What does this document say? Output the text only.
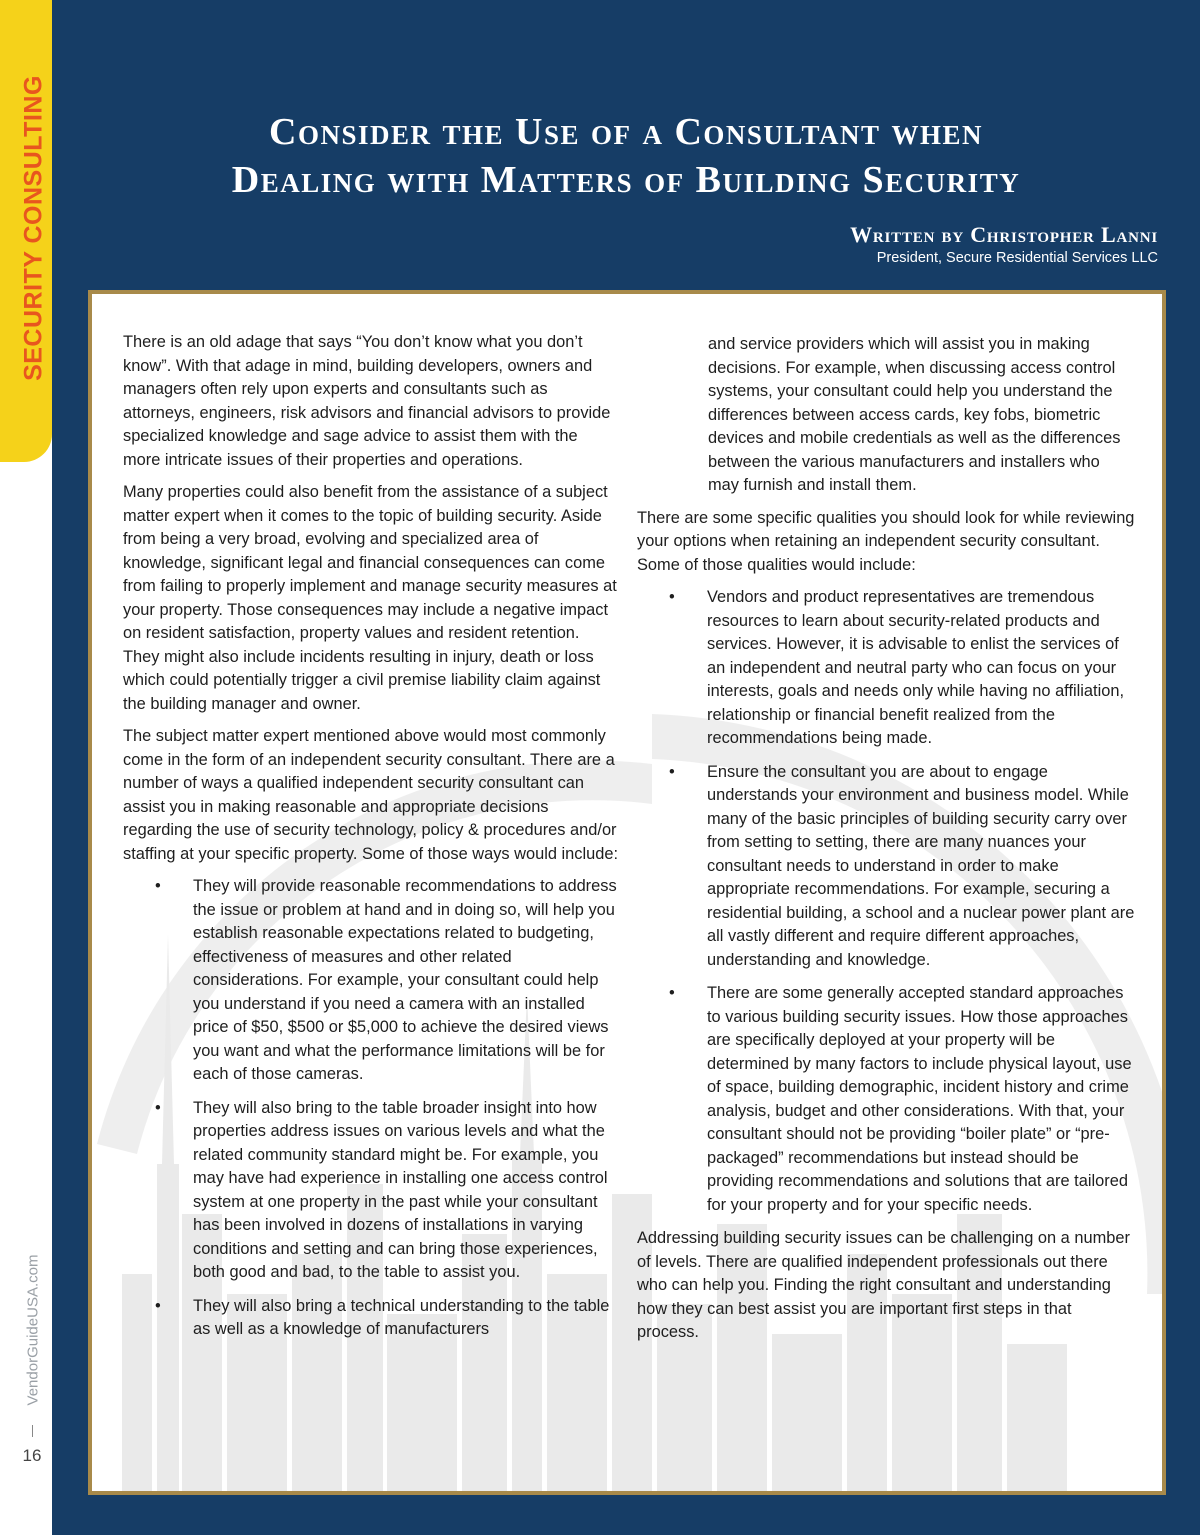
SECURITY CONSULTING
VendorGuideUSA.com
16
Consider the Use of a Consultant when
Dealing with Matters of Building Security
Written by Christopher Lanni
President, Secure Residential Services LLC

There is an old adage that says “You don’t know what you don’t know”. With that adage in mind, building developers, owners and managers often rely upon experts and consultants such as attorneys, engineers, risk advisors and financial advisors to provide specialized knowledge and sage advice to assist them with the more intricate issues of their properties and operations.

Many properties could also benefit from the assistance of a subject matter expert when it comes to the topic of building security. Aside from being a very broad, evolving and specialized area of knowledge, significant legal and financial consequences can come from failing to properly implement and manage security measures at your property. Those consequences may include a negative impact on resident satisfaction, property values and resident retention. They might also include incidents resulting in injury, death or loss which could potentially trigger a civil premise liability claim against the building manager and owner.

The subject matter expert mentioned above would most commonly come in the form of an independent security consultant. There are a number of ways a qualified independent security consultant can assist you in making reasonable and appropriate decisions regarding the use of security technology, policy & procedures and/or staffing at your specific property. Some of those ways would include:

• They will provide reasonable recommendations to address the issue or problem at hand and in doing so, will help you establish reasonable expectations related to budgeting, effectiveness of measures and other related considerations. For example, your consultant could help you understand if you need a camera with an installed price of $50, $500 or $5,000 to achieve the desired views you want and what the performance limitations will be for each of those cameras.
• They will also bring to the table broader insight into how properties address issues on various levels and what the related community standard might be. For example, you may have had experience in installing one access control system at one property in the past while your consultant has been involved in dozens of installations in varying conditions and setting and can bring those experiences, both good and bad, to the table to assist you.
• They will also bring a technical understanding to the table as well as a knowledge of manufacturers

and service providers which will assist you in making decisions. For example, when discussing access control systems, your consultant could help you understand the differences between access cards, key fobs, biometric devices and mobile credentials as well as the differences between the various manufacturers and installers who may furnish and install them.

There are some specific qualities you should look for while reviewing your options when retaining an independent security consultant. Some of those qualities would include:

• Vendors and product representatives are tremendous resources to learn about security-related products and services. However, it is advisable to enlist the services of an independent and neutral party who can focus on your interests, goals and needs only while having no affiliation, relationship or financial benefit realized from the recommendations being made.
• Ensure the consultant you are about to engage understands your environment and business model. While many of the basic principles of building security carry over from setting to setting, there are many nuances your consultant needs to understand in order to make appropriate recommendations. For example, securing a residential building, a school and a nuclear power plant are all vastly different and require different approaches, understanding and knowledge.
• There are some generally accepted standard approaches to various building security issues. How those approaches are specifically deployed at your property will be determined by many factors to include physical layout, use of space, building demographic, incident history and crime analysis, budget and other considerations. With that, your consultant should not be providing “boiler plate” or “pre-packaged” recommendations but instead should be providing recommendations and solutions that are tailored for your property and for your specific needs.

Addressing building security issues can be challenging on a number of levels. There are qualified independent professionals out there who can help you. Finding the right consultant and understanding how they can best assist you are important first steps in that process.
